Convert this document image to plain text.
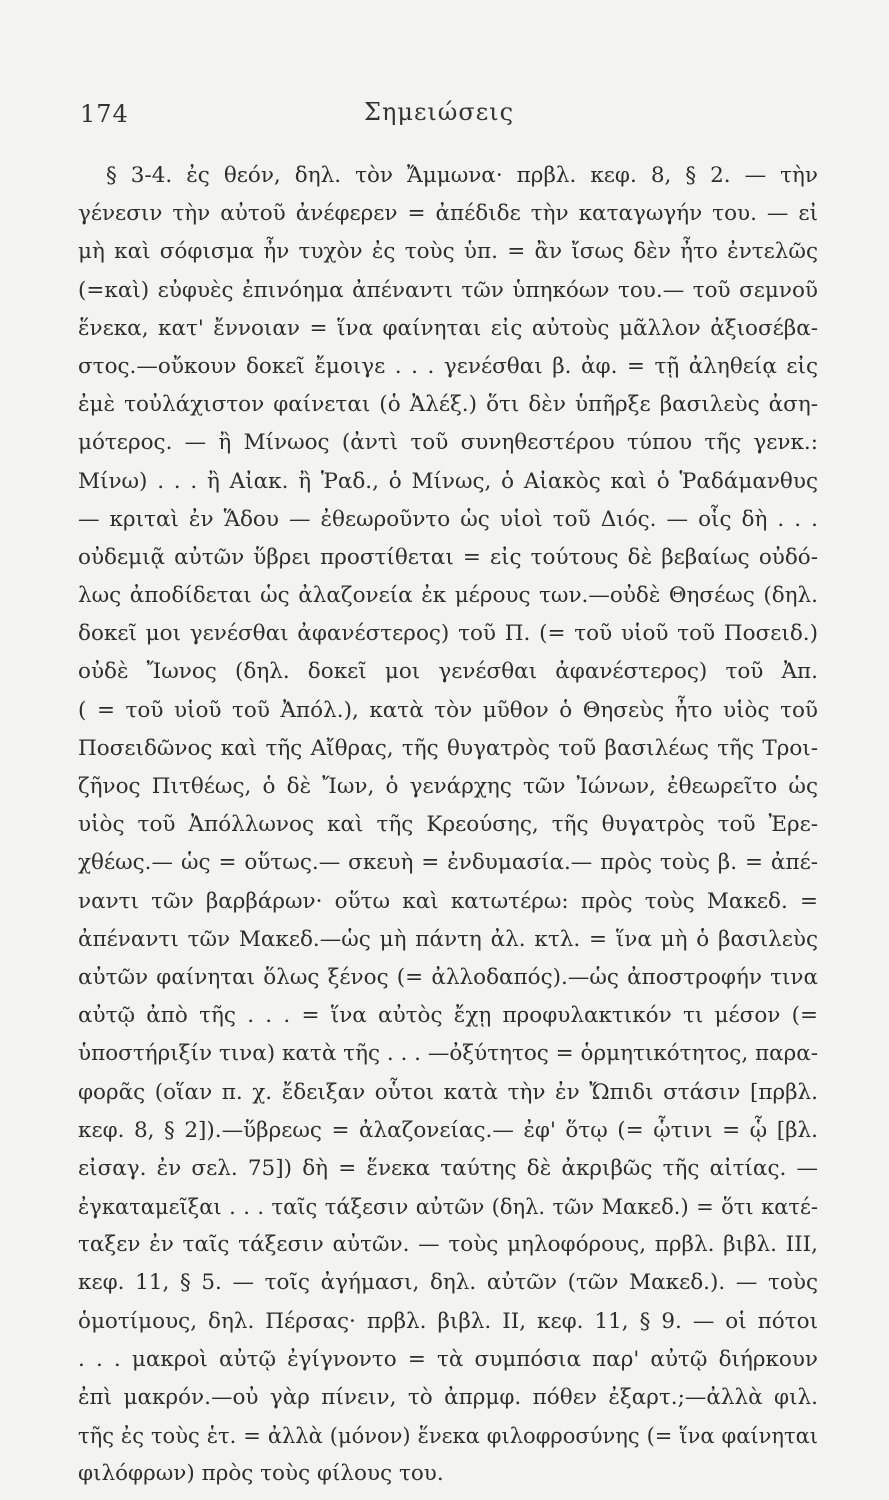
174	Σημειώσεις
§ 3-4. ἐς θεόν, δηλ. τὸν Ἄμμωνα· πρβλ. κεφ. 8, § 2. — τὴν
γένεσιν τὴν αὐτοῦ ἀνέφερεν = ἀπέδιδε τὴν καταγωγήν του. — εἰ
μὴ καὶ σόφισμα ἦν τυχὸν ἐς τοὺς ὑπ. = ἂν ἴσως δὲν ἦτο ἐντελῶς
(=καὶ) εὐφυὲς ἐπινόημα ἀπέναντι τῶν ὑπηκόων του.— τοῦ σεμνοῦ
ἕνεκα, κατ' ἔννοιαν = ἵνα φαίνηται εἰς αὐτοὺς μᾶλλον ἀξιοσέβα-
στος.—οὔκουν δοκεῖ ἔμοιγε . . . γενέσθαι β. ἀφ. = τῇ ἀληθείᾳ εἰς
ἐμὲ τοὐλάχιστον φαίνεται (ὁ Ἀλέξ.) ὅτι δὲν ὑπῆρξε βασιλεὺς ἀση-
μότερος. — ἢ Μίνωος (ἀντὶ τοῦ συνηθεστέρου τύπου τῆς γενκ.:
Μίνω) . . . ἢ Αἰακ. ἢ Ῥαδ., ὁ Μίνως, ὁ Αἰακὸς καὶ ὁ Ῥαδάμανθυς
— κριταὶ ἐν Ἅδου — ἐθεωροῦντο ὡς υἱοὶ τοῦ Διός. — οἷς δὴ . . .
οὐδεμιᾷ αὐτῶν ὕβρει προστίθεται = εἰς τούτους δὲ βεβαίως οὐδό-
λως ἀποδίδεται ὡς ἀλαζονεία ἐκ μέρους των.—οὐδὲ Θησέως (δηλ.
δοκεῖ μοι γενέσθαι ἀφανέστερος) τοῦ Π. (= τοῦ υἱοῦ τοῦ Ποσειδ.)
οὐδὲ Ἴωνος (δηλ. δοκεῖ μοι γενέσθαι ἀφανέστερος) τοῦ Ἀπ.
( = τοῦ υἱοῦ τοῦ Ἀπόλ.), κατὰ τὸν μῦθον ὁ Θησεὺς ἦτο υἱὸς τοῦ
Ποσειδῶνος καὶ τῆς Αἴθρας, τῆς θυγατρὸς τοῦ βασιλέως τῆς Τροι-
ζῆνος Πιτθέως, ὁ δὲ Ἴων, ὁ γενάρχης τῶν Ἰώνων, ἐθεωρεῖτο ὡς
υἱὸς τοῦ Ἀπόλλωνος καὶ τῆς Κρεούσης, τῆς θυγατρὸς τοῦ Ἐρε-
χθέως.— ὡς = οὕτως.— σκευὴ = ἐνδυμασία.— πρὸς τοὺς β. = ἀπέ-
ναντι τῶν βαρβάρων· οὕτω καὶ κατωτέρω: πρὸς τοὺς Μακεδ. =
ἀπέναντι τῶν Μακεδ.—ὡς μὴ πάντη ἀλ. κτλ. = ἵνα μὴ ὁ βασιλεὺς
αὐτῶν φαίνηται ὅλως ξένος (= ἀλλοδαπός).—ὡς ἀποστροφήν τινα
αὐτῷ ἀπὸ τῆς . . . = ἵνα αὐτὸς ἔχῃ προφυλακτικόν τι μέσον (=
ὑποστήριξίν τινα) κατὰ τῆς . . . —ὀξύτητος = ὁρμητικότητος, παρα-
φορᾶς (οἵαν π. χ. ἔδειξαν οὗτοι κατὰ τὴν ἐν Ὤπιδι στάσιν [πρβλ.
κεφ. 8, § 2]).—ὕβρεως = ἀλαζονείας.— ἐφ' ὅτῳ (= ᾧτινι = ᾧ [βλ.
εἰσαγ. ἐν σελ. 75]) δὴ = ἕνεκα ταύτης δὲ ἀκριβῶς τῆς αἰτίας. —
ἐγκαταμεῖξαι . . . ταῖς τάξεσιν αὐτῶν (δηλ. τῶν Μακεδ.) = ὅτι κατέ-
ταξεν ἐν ταῖς τάξεσιν αὐτῶν. — τοὺς μηλοφόρους, πρβλ. βιβλ. III,
κεφ. 11, § 5. — τοῖς ἀγήμασι, δηλ. αὐτῶν (τῶν Μακεδ.). — τοὺς
ὁμοτίμους, δηλ. Πέρσας· πρβλ. βιβλ. II, κεφ. 11, § 9. — οἱ πότοι
. . . μακροὶ αὐτῷ ἐγίγνοντο = τὰ συμπόσια παρ' αὐτῷ διήρκουν
ἐπὶ μακρόν.—οὐ γὰρ πίνειν, τὸ ἀπρμφ. πόθεν ἐξαρτ.;—ἀλλὰ φιλ.
τῆς ἐς τοὺς ἑτ. = ἀλλὰ (μόνον) ἕνεκα φιλοφροσύνης (= ἵνα φαίνηται
φιλόφρων) πρὸς τοὺς φίλους του.
